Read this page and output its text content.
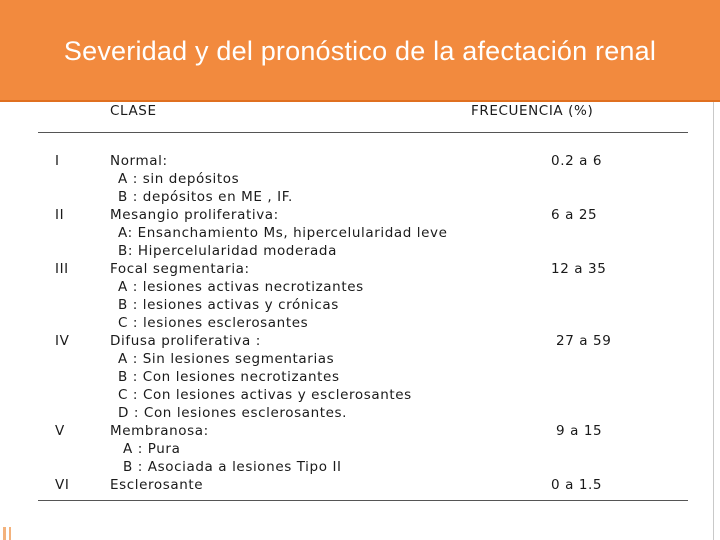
Severidad y del pronóstico de la afectación renal
CLASE	FRECUENCIA (%)
I	Normal:	0.2 a 6
A : sin depósitos
B : depósitos en ME , IF.
II	Mesangio proliferativa:	6 a 25
A: Ensanchamiento Ms, hipercelularidad leve
B: Hipercelularidad moderada
III	Focal segmentaria:	12 a 35
A : lesiones activas necrotizantes
B : lesiones activas y crónicas
C : lesiones esclerosantes
IV	Difusa proliferativa :	27 a 59
A : Sin lesiones segmentarias
B : Con lesiones necrotizantes
C : Con lesiones activas y esclerosantes
D : Con lesiones esclerosantes.
V	Membranosa:	9 a 15
A : Pura
B : Asociada a lesiones Tipo II
VI	Esclerosante	0 a 1.5
